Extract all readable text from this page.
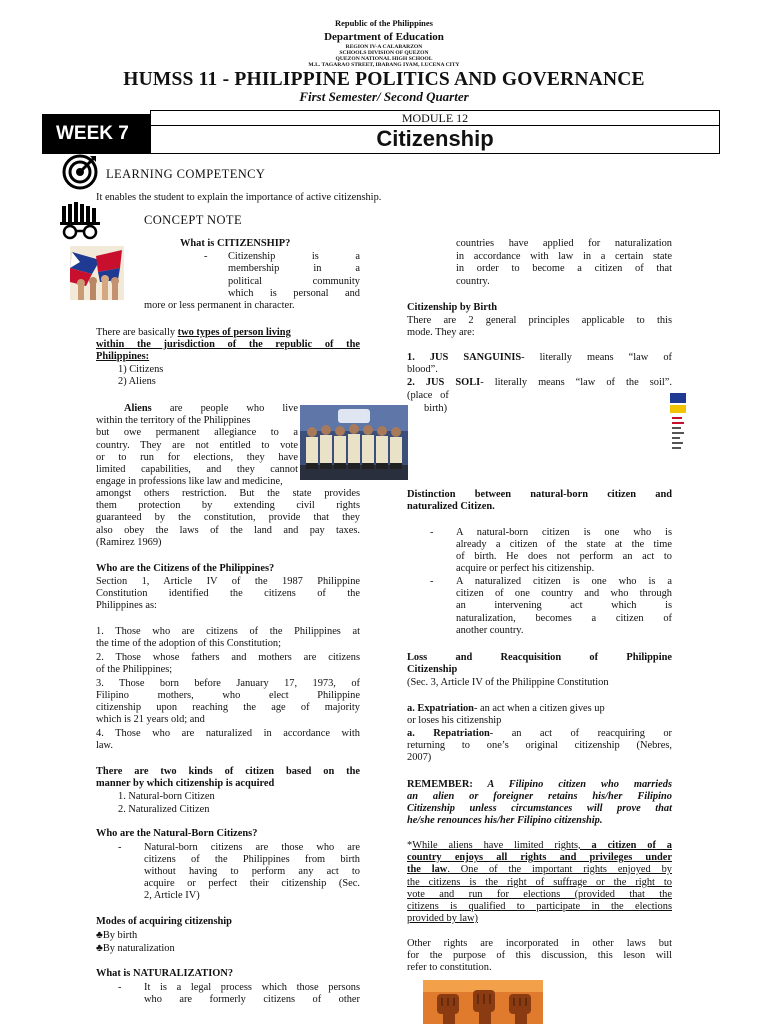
Republic of the Philippines
Department of Education
REGION IV-A CALABARZON
SCHOOLS DIVISION OF QUEZON
QUEZON NATIONAL HIGH SCHOOL
M.L. TAGARAO STREET, IBABANG IYAM, LUCENA CITY
HUMSS 11 - PHILIPPINE POLITICS AND GOVERNANCE
First Semester/ Second Quarter
WEEK 7
MODULE 12
Citizenship
LEARNING COMPETENCY
It enables the student to explain the importance of active citizenship.
CONCEPT NOTE
What is CITIZENSHIP?
- Citizenship is a
membership in a
political community
which is personal and
more or less permanent in character.
There are basically two types of person living
within the jurisdiction of the republic of the
Philippines:
1) Citizens
2) Aliens
Aliens are people who live
within the territory of the Philippines
but owe permanent allegiance to a
country. They are not entitled to vote
or to run for elections, they have
limited capabilities, and they cannot
engage in professions like law and medicine,
amongst others restriction. But the state provides
them protection by extending civil rights
guaranteed by the constitution, provide that they
also obey the laws of the land and pay taxes.
(Ramirez 1969)
Who are the Citizens of the Philippines?
Section 1, Article IV of the 1987 Philippine
Constitution identified the citizens of the
Philippines as:
1. Those who are citizens of the Philippines at
the time of the adoption of this Constitution;
2. Those whose fathers and mothers are citizens
of the Philippines;
3. Those born before January 17, 1973, of
Filipino mothers, who elect Philippine
citizenship upon reaching the age of majority
which is 21 years old; and
4. Those who are naturalized in accordance with
law.
There are two kinds of citizen based on the
manner by which citizenship is acquired
1. Natural-born Citizen
2. Naturalized Citizen
Who are the Natural-Born Citizens?
- Natural-born citizens are those who are
citizens of the Philippines from birth
without having to perform any act to
acquire or perfect their citizenship (Sec.
2, Article IV)
Modes of acquiring citizenship
♣By birth
♣By naturalization
What is NATURALIZATION?
- It is a legal process which those persons
who are formerly citizens of other
countries have applied for naturalization
in accordance with law in a certain state
in order to become a citizen of that
country.
Citizenship by Birth
There are 2 general principles applicable to this
mode. They are:
1. JUS SANGUINIS- literally means “law of
blood”.
2. JUS SOLI- literally means “law of the soil”.
(place   of
birth)
Distinction between natural-born citizen and
naturalized Citizen.
- A natural-born citizen is one who is
already a citizen of the state at the time
of birth. He does not perform an act to
acquire or perfect his citizenship.
- A naturalized citizen is one who is a
citizen of one country and who through
an intervening act which is
naturalization, becomes a citizen of
another country.
Loss and Reacquisition of Philippine
Citizenship
(Sec. 3, Article IV of the Philippine Constitution
a. Expatriation- an act when a citizen gives up
or loses his citizenship
a. Repatriation- an act of reacquiring or
returning to one’s original citizenship (Nebres,
2007)
REMEMBER: A Filipino citizen who marrieds
an alien or foreigner retains his/her Filipino
Citizenship unless circumstances will prove that
he/she renounces his/her Filipino citizenship.
*While aliens have limited rights, a citizen of a
country enjoys all rights and privileges under
the law. One of the important rights enjoyed by
the citizens is the right of suffrage or the right to
vote and run for elections (provided that the
citizens is qualified to participate in the elections
provided by law)
Other rights are incorporated in other laws but
for the purpose of this discussion, this leson will
refer to constitution.
